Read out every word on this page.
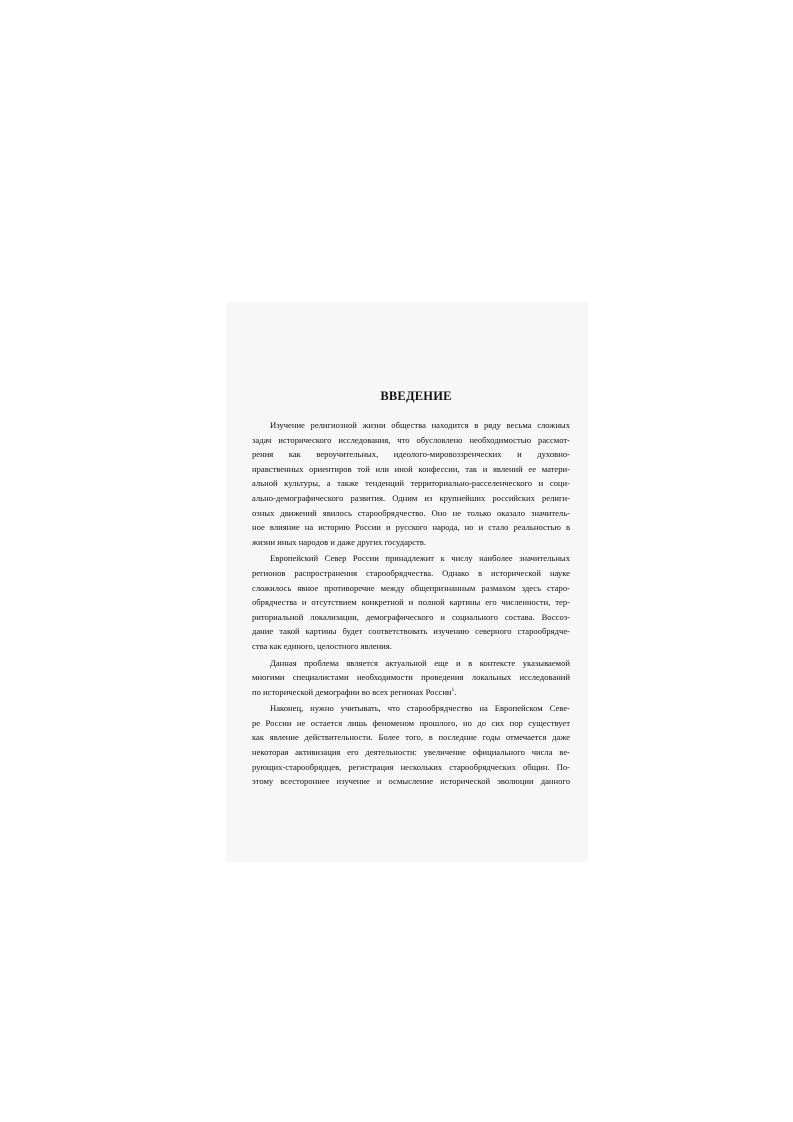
ВВЕДЕНИЕ

Изучение религиозной жизни общества находится в ряду весьма сложных
задач исторического исследования, что обусловлено необходимостью рассмот-
рения как вероучительных, идеолого-мировоззренческих и духовно-
нравственных ориентиров той или иной конфессии, так и явлений ее матери-
альной культуры, а также тенденций территориально-расселенческого и соци-
ально-демографического развития. Одним из крупнейших российских религи-
озных движений явилось старообрядчество. Оно не только оказало значитель-
ное влияние на историю России и русского народа, но и стало реальностью в
жизни иных народов и даже других государств.

Европейский Север России принадлежит к числу наиболее значительных
регионов распространения старообрядчества. Однако в исторической науке
сложилось явное противоречие между общепризнанным размахом здесь старо-
обрядчества и отсутствием конкретной и полной картины его численности, тер-
риториальной локализации, демографического и социального состава. Воссоз-
дание такой картины будет соответствовать изучению северного старообрядче-
ства как единого, целостного явления.

Данная проблема является актуальной еще и в контексте указываемой
многими специалистами необходимости проведения локальных исследований
по исторической демографии во всех регионах России$^1$.

Наконец, нужно учитывать, что старообрядчество на Европейском Севе-
ре России не остается лишь феноменом прошлого, но до сих пор существует
как явление действительности. Более того, в последние годы отмечается даже
некоторая активизация его деятельности: увеличение официального числа ве-
рующих-старообрядцев, регистрация нескольких старообрядческих общин. По-
этому всестороннее изучение и осмысление исторической эволюции данного
